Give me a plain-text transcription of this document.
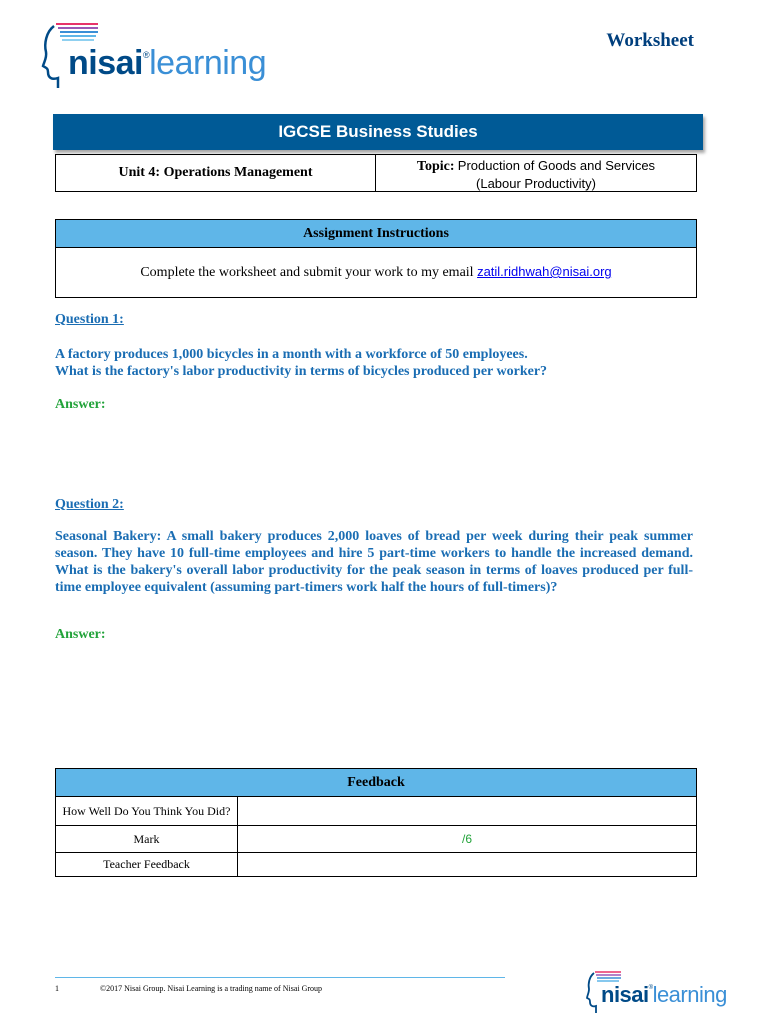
nisai®learning
Worksheet
IGCSE Business Studies
Unit 4: Operations Management	Topic: Production of Goods and Services
(Labour Productivity)
Assignment Instructions
Complete the worksheet and submit your work to my email zatil.ridhwah@nisai.org
Question 1:
A factory produces 1,000 bicycles in a month with a workforce of 50 employees.
What is the factory's labor productivity in terms of bicycles produced per worker?
Answer:
Question 2:
Seasonal Bakery: A small bakery produces 2,000 loaves of bread per week during their peak summer season. They have 10 full-time employees and hire 5 part-time workers to handle the increased demand. What is the bakery's overall labor productivity for the peak season in terms of loaves produced per full-time employee equivalent (assuming part-timers work half the hours of full-timers)?
Answer:
Feedback
How Well Do You Think You Did?
Mark	/6
Teacher Feedback
1	©2017 Nisai Group. Nisai Learning is a trading name of Nisai Group	nisai®learning
